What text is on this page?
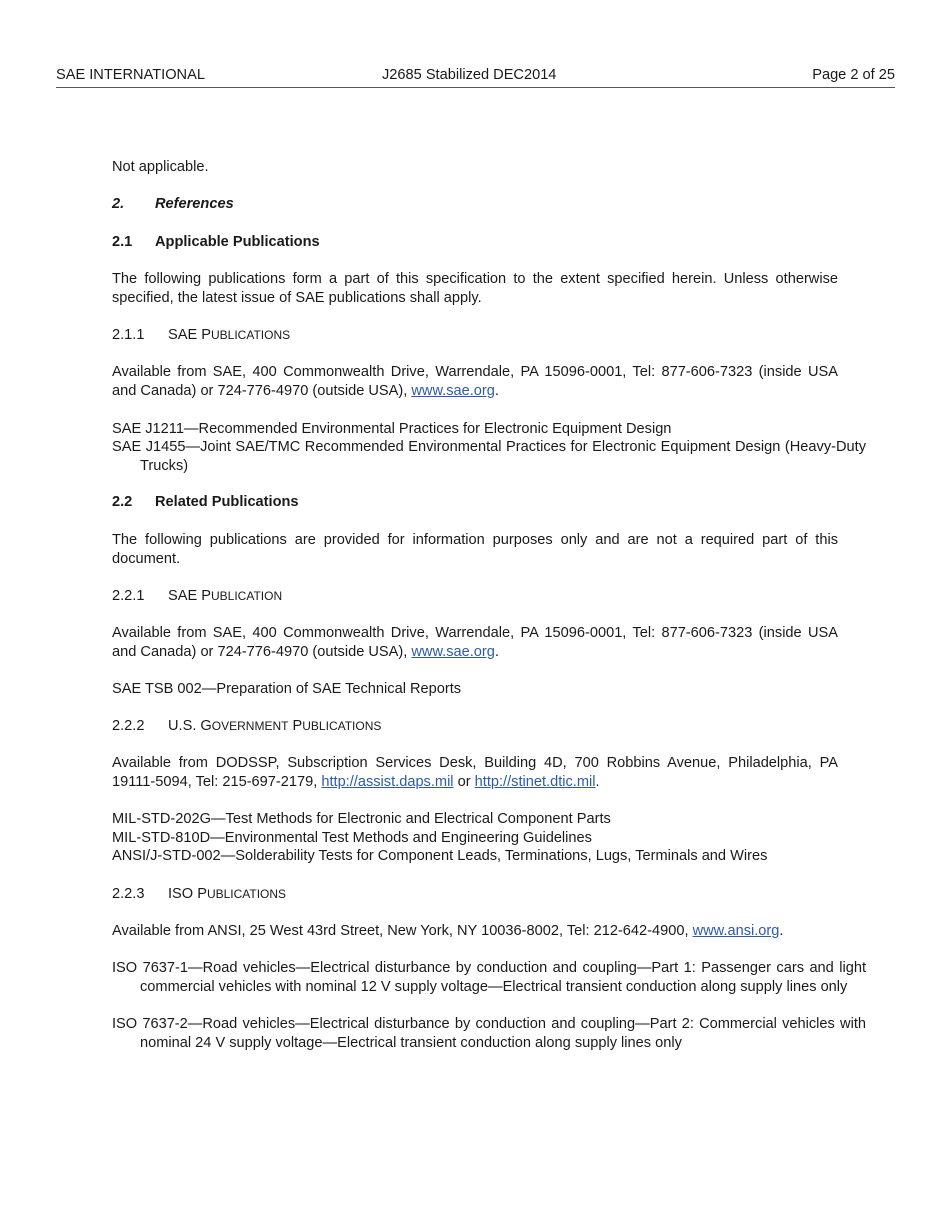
SAE INTERNATIONAL	J2685 Stabilized DEC2014	Page 2 of 25
Not applicable.
2. References
2.1 Applicable Publications
The following publications form a part of this specification to the extent specified herein. Unless otherwise specified, the latest issue of SAE publications shall apply.
2.1.1 SAE PUBLICATIONS
Available from SAE, 400 Commonwealth Drive, Warrendale, PA 15096-0001, Tel: 877-606-7323 (inside USA and Canada) or 724-776-4970 (outside USA), www.sae.org.
SAE J1211—Recommended Environmental Practices for Electronic Equipment Design
SAE J1455—Joint SAE/TMC Recommended Environmental Practices for Electronic Equipment Design (Heavy-Duty Trucks)
2.2 Related Publications
The following publications are provided for information purposes only and are not a required part of this document.
2.2.1 SAE PUBLICATION
Available from SAE, 400 Commonwealth Drive, Warrendale, PA 15096-0001, Tel: 877-606-7323 (inside USA and Canada) or 724-776-4970 (outside USA), www.sae.org.
SAE TSB 002—Preparation of SAE Technical Reports
2.2.2 U.S. GOVERNMENT PUBLICATIONS
Available from DODSSP, Subscription Services Desk, Building 4D, 700 Robbins Avenue, Philadelphia, PA 19111-5094, Tel: 215-697-2179, http://assist.daps.mil or http://stinet.dtic.mil.
MIL-STD-202G—Test Methods for Electronic and Electrical Component Parts
MIL-STD-810D—Environmental Test Methods and Engineering Guidelines
ANSI/J-STD-002—Solderability Tests for Component Leads, Terminations, Lugs, Terminals and Wires
2.2.3 ISO PUBLICATIONS
Available from ANSI, 25 West 43rd Street, New York, NY 10036-8002, Tel: 212-642-4900, www.ansi.org.
ISO 7637-1—Road vehicles—Electrical disturbance by conduction and coupling—Part 1: Passenger cars and light commercial vehicles with nominal 12 V supply voltage—Electrical transient conduction along supply lines only
ISO 7637-2—Road vehicles—Electrical disturbance by conduction and coupling—Part 2: Commercial vehicles with nominal 24 V supply voltage—Electrical transient conduction along supply lines only
